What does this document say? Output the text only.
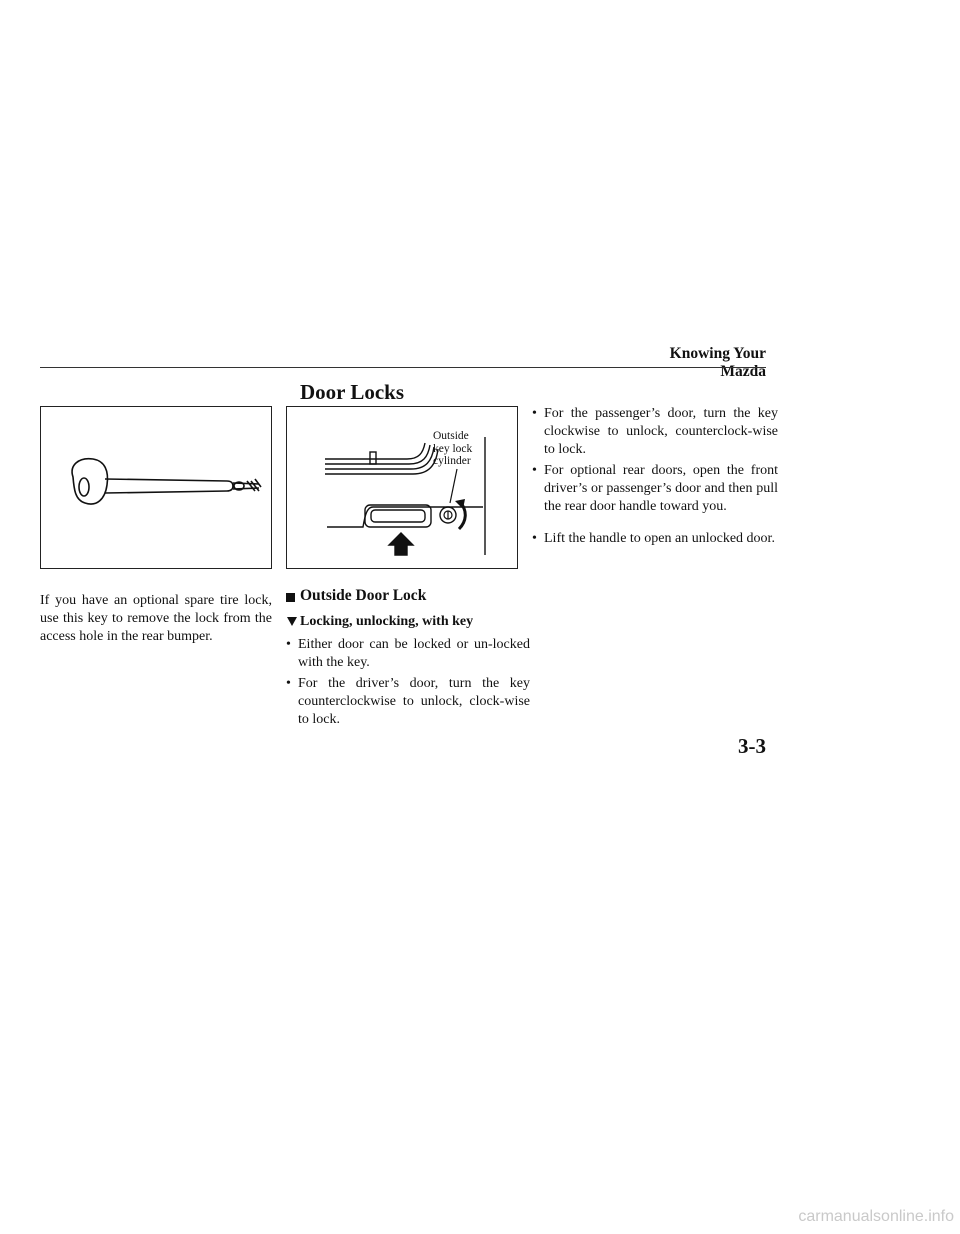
Knowing Your Mazda
Door Locks
Outside
key lock
cylinder
If you have an optional spare tire lock, use this key to remove the lock from the access hole in the rear bumper.
Outside Door Lock
Locking, unlocking, with key
• Either door can be locked or un-locked with the key.
• For the driver’s door, turn the key counterclockwise to unlock, clock-wise to lock.
• For the passenger’s door, turn the key clockwise to unlock, counterclock-wise to lock.
• For optional rear doors, open the front driver’s or passenger’s door and then pull the rear door handle toward you.
• Lift the handle to open an unlocked door.
3-3
carmanualsonline.info
